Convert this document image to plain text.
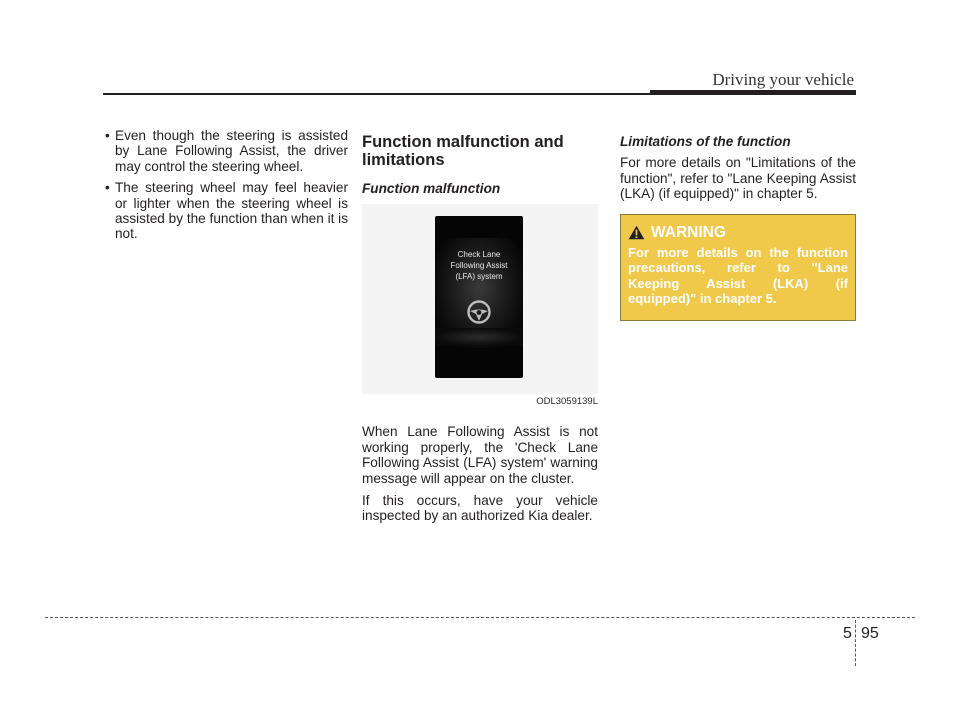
Driving your vehicle
• Even though the steering is assisted by Lane Following Assist, the driver may control the steering wheel.
• The steering wheel may feel heavier or lighter when the steering wheel is assisted by the function than when it is not.
Function malfunction and limitations
Function malfunction
Check Lane
Following Assist
(LFA) system
ODL3059139L

When Lane Following Assist is not working properly, the 'Check Lane Following Assist (LFA) system' warning message will appear on the cluster.

If this occurs, have your vehicle inspected by an authorized Kia dealer.

Limitations of the function

For more details on "Limitations of the function", refer to "Lane Keeping Assist (LKA) (if equipped)" in chapter 5.

WARNING

For more details on the function precautions, refer to "Lane Keeping Assist (LKA) (if equipped)" in chapter 5.

5 95
